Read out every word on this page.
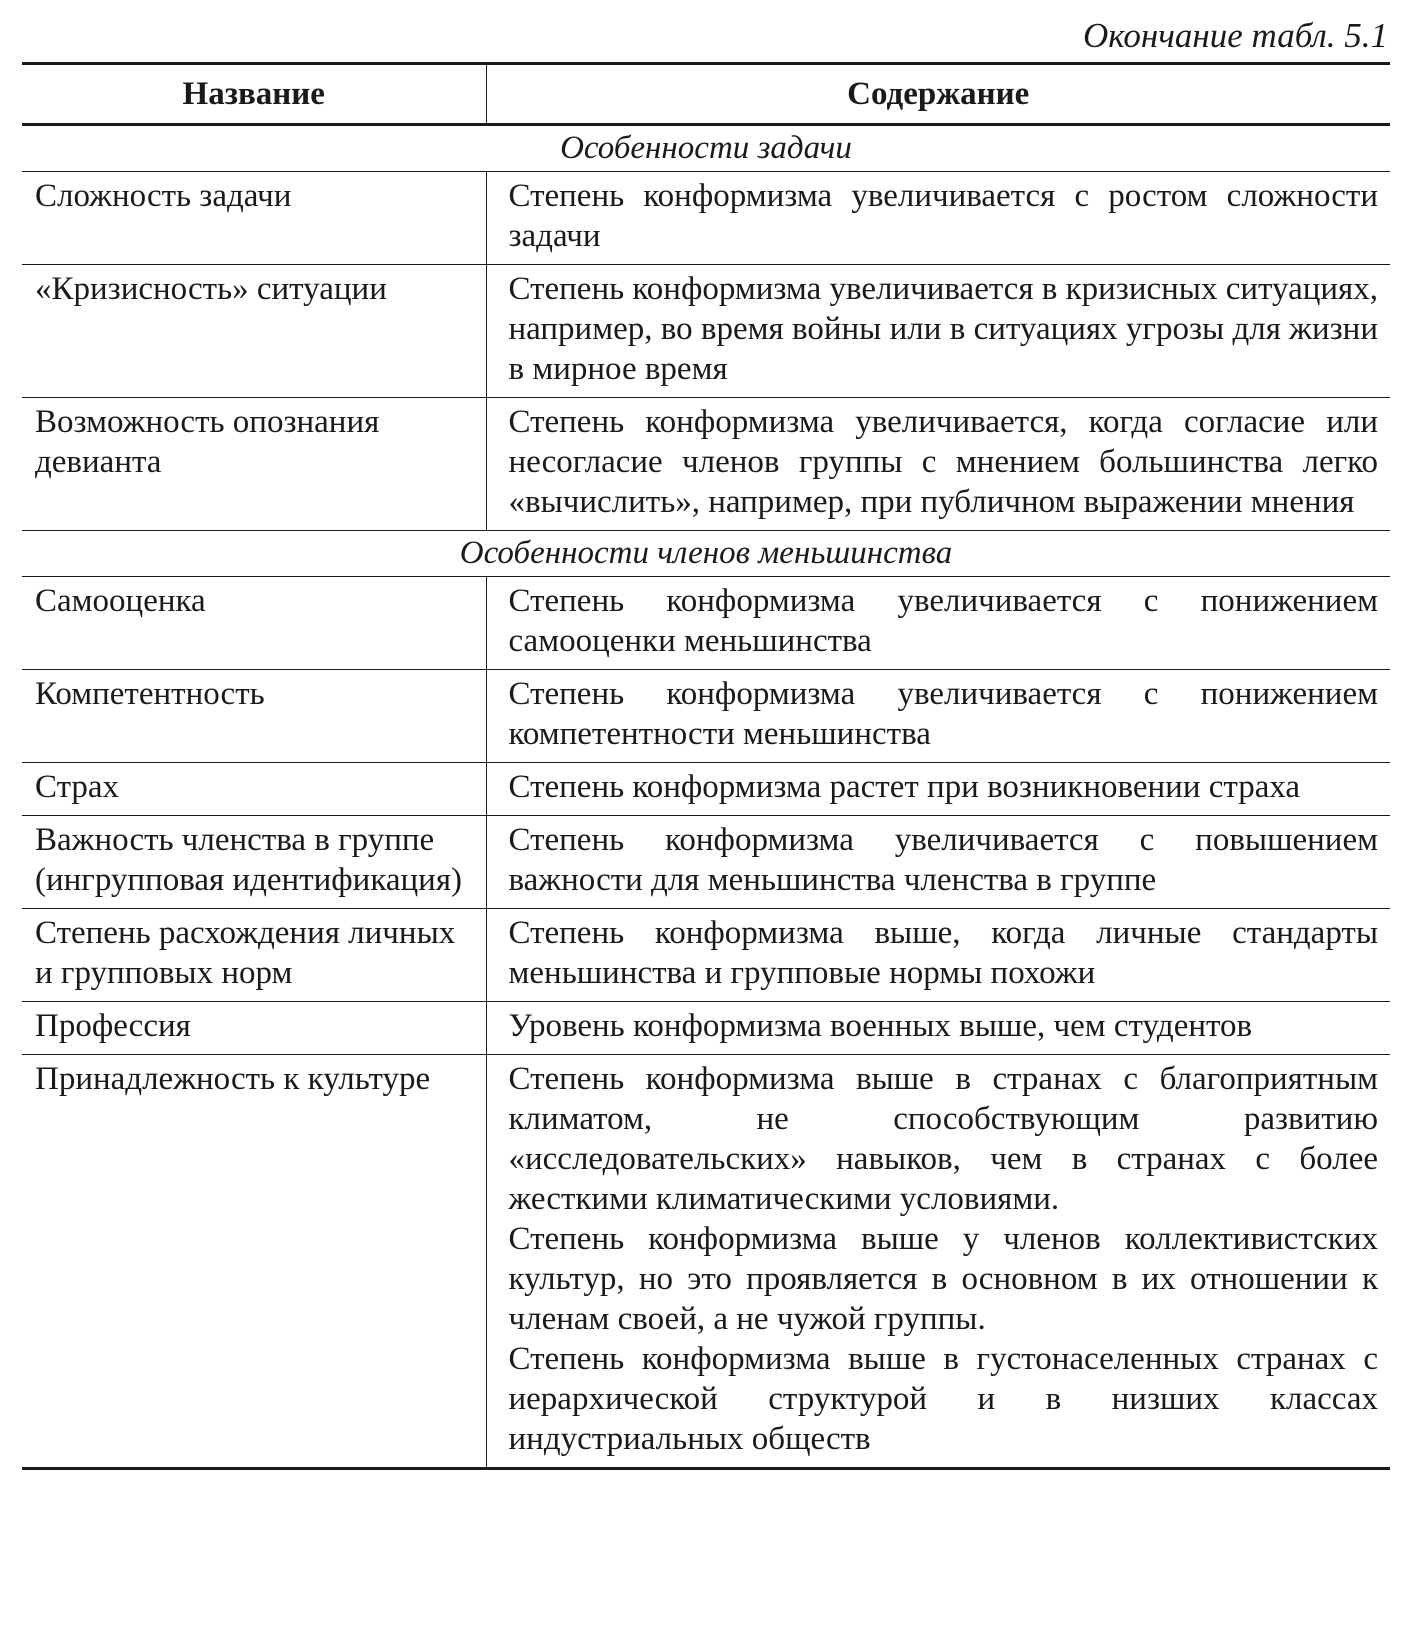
Окончание табл. 5.1
Название	Содержание
Особенности задачи	
Сложность задачи	Степень конформизма увеличивается с ростом сложности задачи

«Кризисность» ситуации	Степень конформизма увеличивается в кризисных ситуациях, например, во время войны или в ситуациях угрозы для жизни в мирное время

Возможность опознания девианта	Степень конформизма увеличивается, когда согласие или несогласие членов группы с мнением большинства легко «вычислить», например, при публичном выражении мнения

Особенности членов меньшинства	
Самооценка	Степень конформизма увеличивается с понижением самооценки меньшинства

Компетентность	Степень конформизма увеличивается с понижением компетентности меньшинства

Страх	Степень конформизма растет при возникновении страха

Важность членства в группе (ингрупповая идентификация)	Степень конформизма увеличивается с повышением важности для меньшинства членства в группе

Степень расхождения личных и групповых норм	Степень конформизма выше, когда личные стандарты меньшинства и групповые нормы похожи

Профессия	Уровень конформизма военных выше, чем студентов

Принадлежность к культуре	Степень конформизма выше в странах с благоприятным климатом, не способствующим развитию «исследовательских» навыков, чем в странах с более жесткими климатическими условиями.
Степень конформизма выше у членов коллективистских культур, но это проявляется в основном в их отношении к членам своей, а не чужой группы.
Степень конформизма выше в густонаселенных странах с иерархической структурой и в низших классах индустриальных обществ
